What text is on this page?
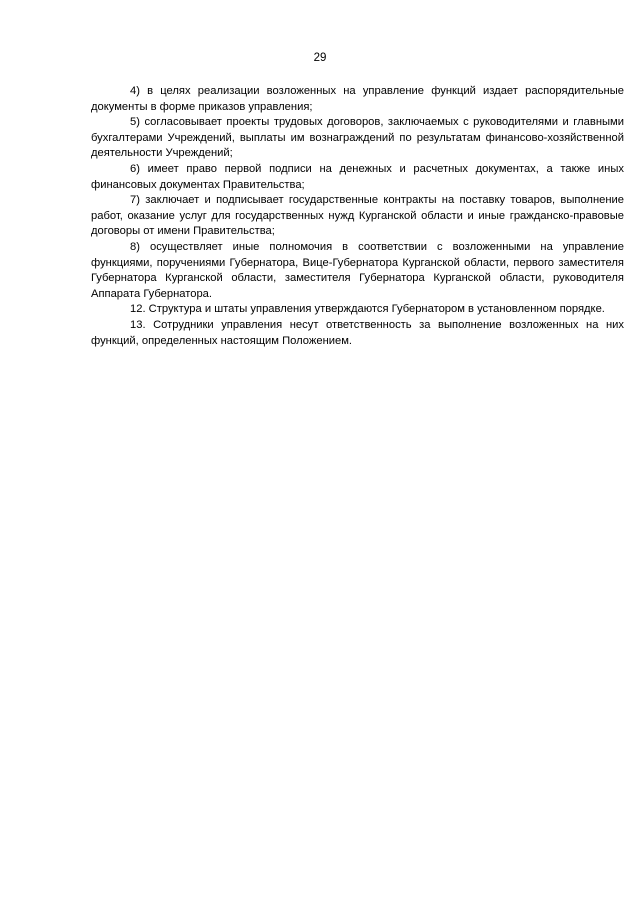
29

4) в целях реализации возложенных на управление функций издает распорядительные документы в форме приказов управления;

5) согласовывает проекты трудовых договоров, заключаемых с руководителями и главными бухгалтерами Учреждений, выплаты им вознаграждений по результатам финансово-хозяйственной деятельности Учреждений;

6) имеет право первой подписи на денежных и расчетных документах, а также иных финансовых документах Правительства;

7) заключает и подписывает государственные контракты на поставку товаров, выполнение работ, оказание услуг для государственных нужд Курганской области и иные гражданско-правовые договоры от имени Правительства;

8) осуществляет иные полномочия в соответствии с возложенными на управление функциями, поручениями Губернатора, Вице-Губернатора Курганской области, первого заместителя Губернатора Курганской области, заместителя Губернатора Курганской области, руководителя Аппарата Губернатора.

12. Структура и штаты управления утверждаются Губернатором в установленном порядке.

13. Сотрудники управления несут ответственность за выполнение возложенных на них функций, определенных настоящим Положением.
